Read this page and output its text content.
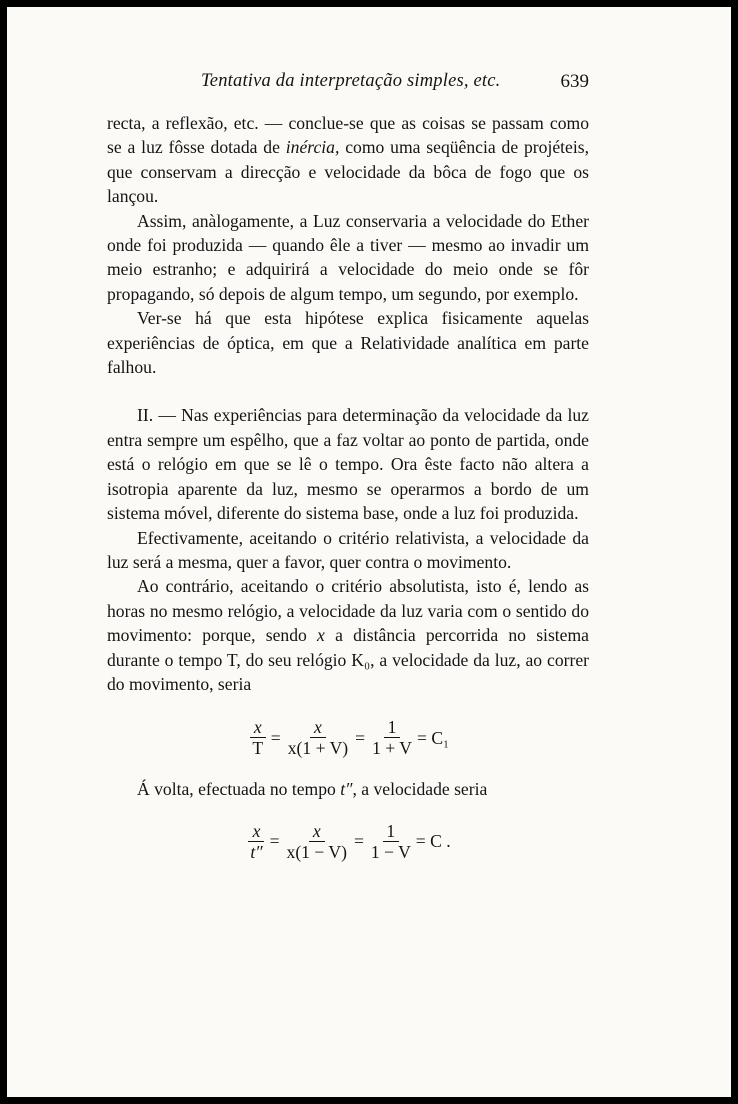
Tentativa da interpretação simples, etc.	639

recta, a reflexão, etc. — conclue-se que as coisas se passam como se a luz fôsse dotada de inércia, como uma seqüência de projéteis, que conservam a direcção e velocidade da bôca de fogo que os lançou.

Assim, anàlogamente, a Luz conservaria a velocidade do Ether onde foi produzida — quando êle a tiver — mesmo ao invadir um meio estranho; e adquirirá a velocidade do meio onde se fôr propagando, só depois de algum tempo, um segundo, por exemplo.

Ver-se há que esta hipótese explica fisicamente aquelas experiências de óptica, em que a Relatividade analítica em parte falhou.

II. — Nas experiências para determinação da velocidade da luz entra sempre um espêlho, que a faz voltar ao ponto de partida, onde está o relógio em que se lê o tempo. Ora êste facto não altera a isotropia aparente da luz, mesmo se operarmos a bordo de um sistema móvel, diferente do sistema base, onde a luz foi produzida.

Efectivamente, aceitando o critério relativista, a velocidade da luz será a mesma, quer a favor, quer contra o movimento.

Ao contrário, aceitando o critério absolutista, isto é, lendo as horas no mesmo relógio, a velocidade da luz varia com o sentido do movimento: porque, sendo x a distância percorrida no sistema durante o tempo T, do seu relógio K₀, a velocidade da luz, ao correr do movimento, seria

$\frac{x}{T} = \frac{x}{x(1 + V)} = \frac{1}{1 + V} = C_1$

Á volta, efectuada no tempo t″, a velocidade seria

$\frac{x}{t''} = \frac{x}{x(1 - V)} = \frac{1}{1 - V} = C$ .
